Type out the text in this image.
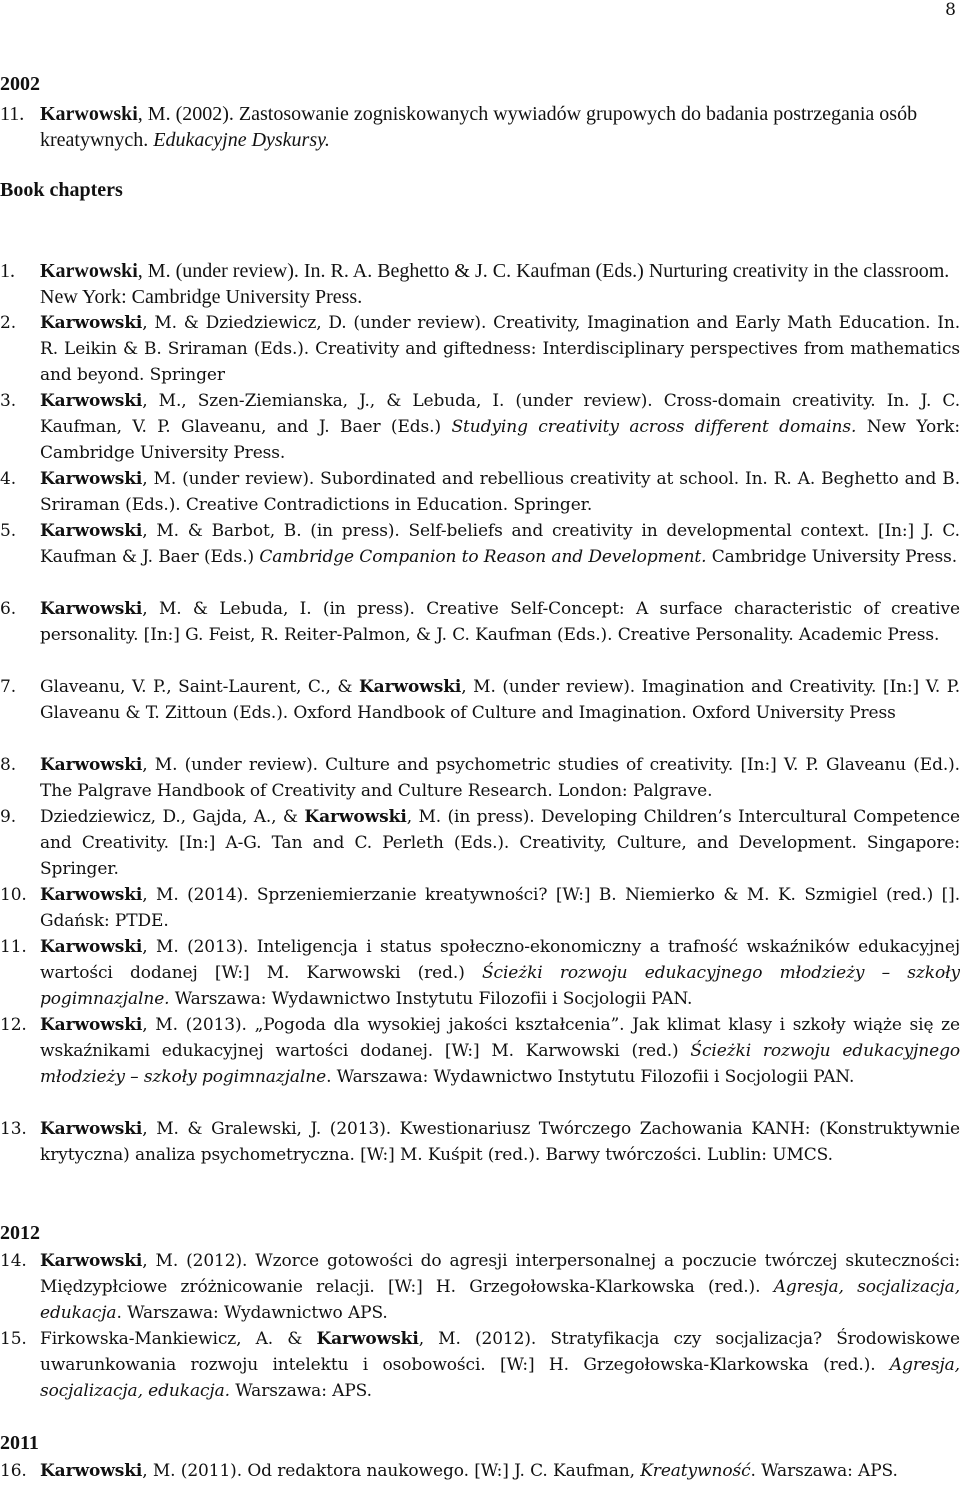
8
2002
11. Karwowski, M. (2002). Zastosowanie zogniskowanych wywiadów grupowych do badania postrzegania osób kreatywnych. Edukacyjne Dyskursy.
Book chapters
1. Karwowski, M. (under review). In. R. A. Beghetto & J. C. Kaufman (Eds.) Nurturing creativity in the classroom. New York: Cambridge University Press.
2. Karwowski, M. & Dziedziewicz, D. (under review). Creativity, Imagination and Early Math Education. In. R. Leikin & B. Sriraman (Eds.). Creativity and giftedness: Interdisciplinary perspectives from mathematics and beyond. Springer
3. Karwowski, M., Szen-Ziemianska, J., & Lebuda, I. (under review). Cross-domain creativity. In. J. C. Kaufman, V. P. Glaveanu, and J. Baer (Eds.) Studying creativity across different domains. New York: Cambridge University Press.
4. Karwowski, M. (under review). Subordinated and rebellious creativity at school. In. R. A. Beghetto and B. Sriraman (Eds.). Creative Contradictions in Education. Springer.
5. Karwowski, M. & Barbot, B. (in press). Self-beliefs and creativity in developmental context. [In:] J. C. Kaufman & J. Baer (Eds.) Cambridge Companion to Reason and Development. Cambridge University Press.
6. Karwowski, M. & Lebuda, I. (in press). Creative Self-Concept: A surface characteristic of creative personality. [In:] G. Feist, R. Reiter-Palmon, & J. C. Kaufman (Eds.). Creative Personality. Academic Press.
7. Glaveanu, V. P., Saint-Laurent, C., & Karwowski, M. (under review). Imagination and Creativity. [In:] V. P. Glaveanu & T. Zittoun (Eds.). Oxford Handbook of Culture and Imagination. Oxford University Press
8. Karwowski, M. (under review). Culture and psychometric studies of creativity. [In:] V. P. Glaveanu (Ed.). The Palgrave Handbook of Creativity and Culture Research. London: Palgrave.
9. Dziedziewicz, D., Gajda, A., & Karwowski, M. (in press). Developing Children’s Intercultural Competence and Creativity. [In:] A-G. Tan and C. Perleth (Eds.). Creativity, Culture, and Development. Singapore: Springer.
10. Karwowski, M. (2014). Sprzeniemierzanie kreatywności? [W:] B. Niemierko & M. K. Szmigiel (red.) []. Gdańsk: PTDE.
11. Karwowski, M. (2013). Inteligencja i status społeczno-ekonomiczny a trafność wskaźników edukacyjnej wartości dodanej [W:] M. Karwowski (red.) Ścieżki rozwoju edukacyjnego młodzieży – szkoły pogimnazjalne. Warszawa: Wydawnictwo Instytutu Filozofii i Socjologii PAN.
12. Karwowski, M. (2013). „Pogoda dla wysokiej jakości kształcenia”. Jak klimat klasy i szkoły wiąże się ze wskaźnikami edukacyjnej wartości dodanej. [W:] M. Karwowski (red.) Ścieżki rozwoju edukacyjnego młodzieży – szkoły pogimnazjalne. Warszawa: Wydawnictwo Instytutu Filozofii i Socjologii PAN.
13. Karwowski, M. & Gralewski, J. (2013). Kwestionariusz Twórczego Zachowania KANH: (Konstruktywnie krytyczna) analiza psychometryczna. [W:] M. Kuśpit (red.). Barwy twórczości. Lublin: UMCS.
2012
14. Karwowski, M. (2012). Wzorce gotowości do agresji interpersonalnej a poczucie twórczej skuteczności: Międzypłciowe zróżnicowanie relacji. [W:] H. Grzegołowska-Klarkowska (red.). Agresja, socjalizacja, edukacja. Warszawa: Wydawnictwo APS.
15. Firkowska-Mankiewicz, A. & Karwowski, M. (2012). Stratyfikacja czy socjalizacja? Środowiskowe uwarunkowania rozwoju intelektu i osobowości. [W:] H. Grzegołowska-Klarkowska (red.). Agresja, socjalizacja, edukacja. Warszawa: APS.
2011
16. Karwowski, M. (2011). Od redaktora naukowego. [W:] J. C. Kaufman, Kreatywność. Warszawa: APS.
